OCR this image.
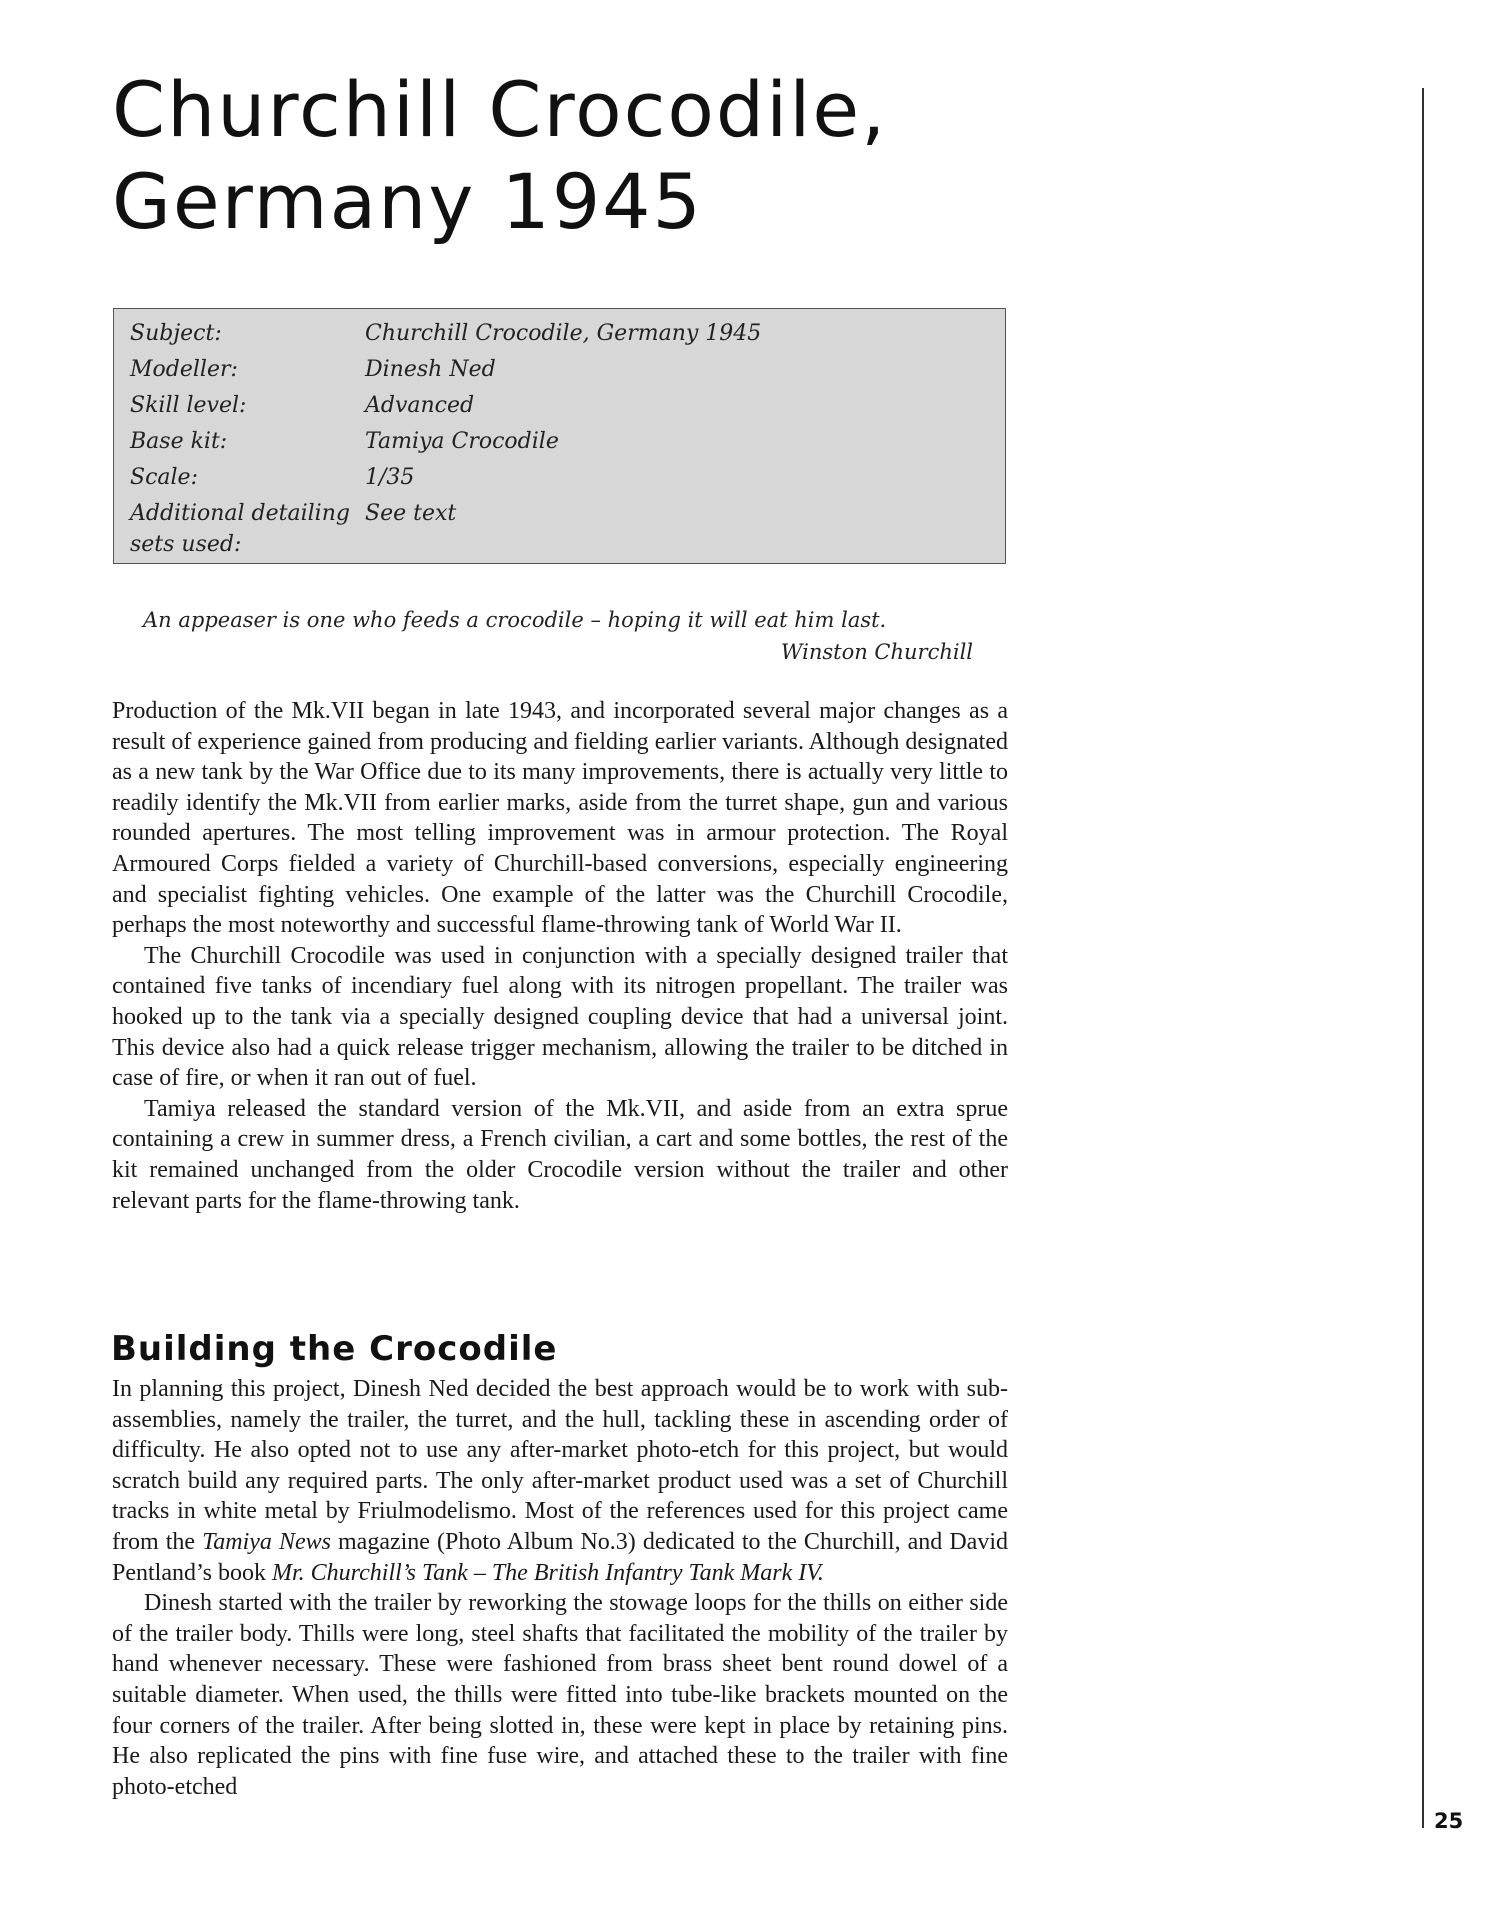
Churchill Crocodile,
Germany 1945
Subject:	Churchill Crocodile, Germany 1945
Modeller:	Dinesh Ned
Skill level:	Advanced
Base kit:	Tamiya Crocodile
Scale:	1/35
Additional detailing sets used:
See text
An appeaser is one who feeds a crocodile – hoping it will eat him last.
Winston Churchill

Production of the Mk.VII began in late 1943, and incorporated several major changes as a result of experience gained from producing and fielding earlier variants. Although designated as a new tank by the War Office due to its many improvements, there is actually very little to readily identify the Mk.VII from earlier marks, aside from the turret shape, gun and various rounded apertures. The most telling improvement was in armour protection. The Royal Armoured Corps fielded a variety of Churchill-based conversions, especially engineering and specialist fighting vehicles. One example of the latter was the Churchill Crocodile, perhaps the most noteworthy and successful flame-throwing tank of World War II.

The Churchill Crocodile was used in conjunction with a specially designed trailer that contained five tanks of incendiary fuel along with its nitrogen propellant. The trailer was hooked up to the tank via a specially designed coupling device that had a universal joint. This device also had a quick release trigger mechanism, allowing the trailer to be ditched in case of fire, or when it ran out of fuel.

Tamiya released the standard version of the Mk.VII, and aside from an extra sprue containing a crew in summer dress, a French civilian, a cart and some bottles, the rest of the kit remained unchanged from the older Crocodile version without the trailer and other relevant parts for the flame-throwing tank.

Building the Crocodile

In planning this project, Dinesh Ned decided the best approach would be to work with sub-assemblies, namely the trailer, the turret, and the hull, tackling these in ascending order of difficulty. He also opted not to use any after-market photo-etch for this project, but would scratch build any required parts. The only after-market product used was a set of Churchill tracks in white metal by Friulmodelismo. Most of the references used for this project came from the Tamiya News magazine (Photo Album No.3) dedicated to the Churchill, and David Pentland’s book Mr. Churchill’s Tank – The British Infantry Tank Mark IV.

Dinesh started with the trailer by reworking the stowage loops for the thills on either side of the trailer body. Thills were long, steel shafts that facilitated the mobility of the trailer by hand whenever necessary. These were fashioned from brass sheet bent round dowel of a suitable diameter. When used, the thills were fitted into tube-like brackets mounted on the four corners of the trailer. After being slotted in, these were kept in place by retaining pins. He also replicated the pins with fine fuse wire, and attached these to the trailer with fine photo-etched

25
